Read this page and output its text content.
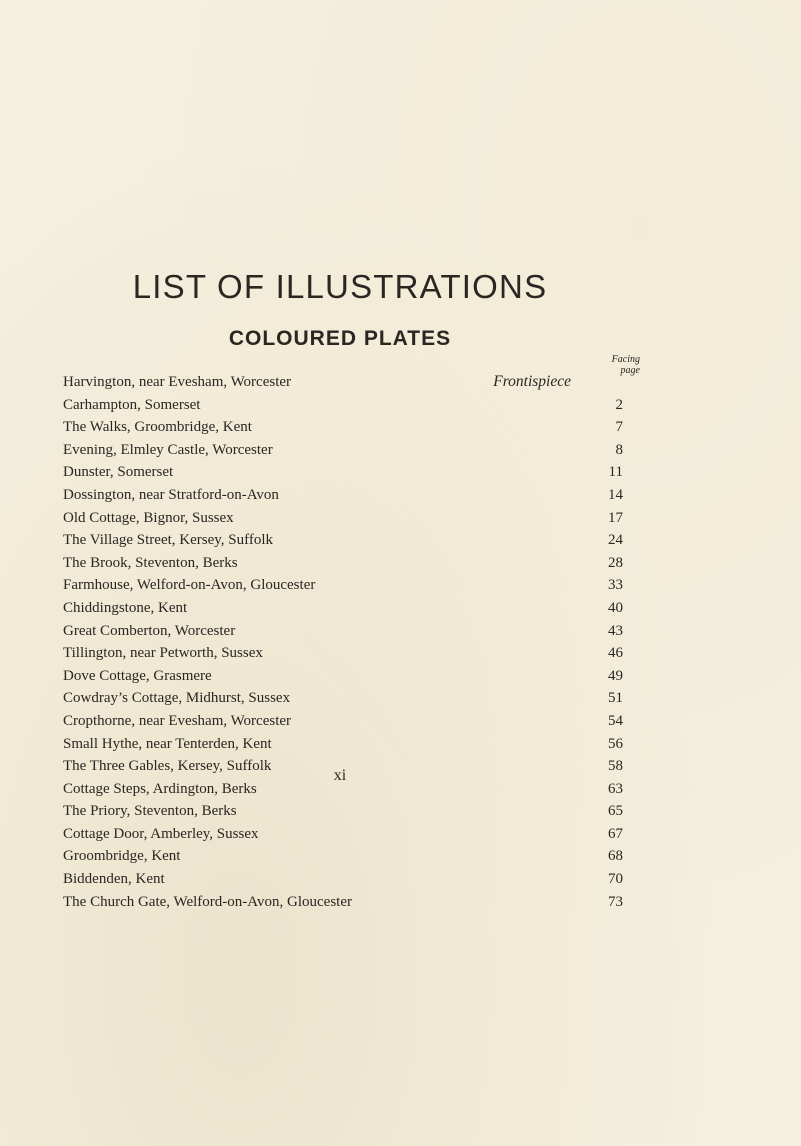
LIST OF ILLUSTRATIONS
COLOURED PLATES
Facing
page
Harvington, near Evesham, Worcester	Frontispiece
Carhampton, Somerset	2
The Walks, Groombridge, Kent	7
Evening, Elmley Castle, Worcester	8
Dunster, Somerset	11
Dossington, near Stratford-on-Avon	14
Old Cottage, Bignor, Sussex	17
The Village Street, Kersey, Suffolk	24
The Brook, Steventon, Berks	28
Farmhouse, Welford-on-Avon, Gloucester	33
Chiddingstone, Kent	40
Great Comberton, Worcester	43
Tillington, near Petworth, Sussex	46
Dove Cottage, Grasmere	49
Cowdray’s Cottage, Midhurst, Sussex	51
Cropthorne, near Evesham, Worcester	54
Small Hythe, near Tenterden, Kent	56
The Three Gables, Kersey, Suffolk	58
Cottage Steps, Ardington, Berks	63
The Priory, Steventon, Berks	65
Cottage Door, Amberley, Sussex	67
Groombridge, Kent	68
Biddenden, Kent	70
The Church Gate, Welford-on-Avon, Gloucester	73
xi
